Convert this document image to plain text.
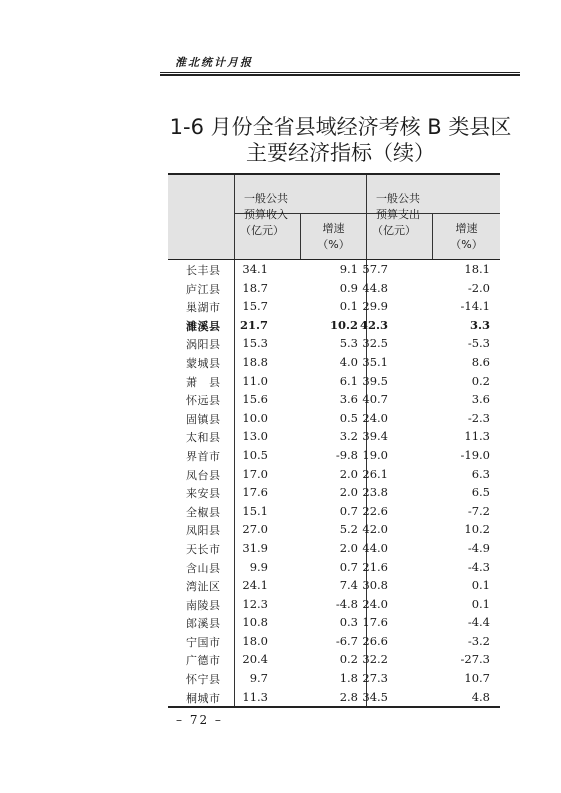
淮北统计月报
1-6 月份全省县域经济考核 B 类县区
主要经济指标（续）
一般公共
预算收入
（亿元）	增速
（%）
一般公共
预算支出
（亿元）	增速
（%）
长丰县 34.1	9.1 57.7	18.1
庐江县 18.7	0.9 44.8	-2.0
巢湖市 15.7	0.1 29.9	-14.1
濉溪县 21.7	10.2 42.3	3.3
涡阳县 15.3	5.3 32.5	-5.3
蒙城县 18.8	4.0 35.1	8.6
萧　县 11.0	6.1 39.5	0.2
怀远县 15.6	3.6 40.7	3.6
固镇县 10.0	0.5 24.0	-2.3
太和县 13.0	3.2 39.4	11.3
界首市 10.5	-9.8 19.0	-19.0
凤台县 17.0	2.0 26.1	6.3
来安县 17.6	2.0 23.8	6.5
全椒县 15.1	0.7 22.6	-7.2
凤阳县 27.0	5.2 42.0	10.2
天长市 31.9	2.0 44.0	-4.9
含山县	9.9	0.7 21.6	-4.3
湾沚区 24.1	7.4 30.8	0.1
南陵县 12.3	-4.8 24.0	0.1
郎溪县 10.8	0.3 17.6	-4.4
宁国市 18.0	-6.7 26.6	-3.2
广德市 20.4	0.2 32.2	-27.3
怀宁县	9.7	1.8 27.3	10.7
桐城市 11.3	2.8 34.5	4.8
– 72 –
